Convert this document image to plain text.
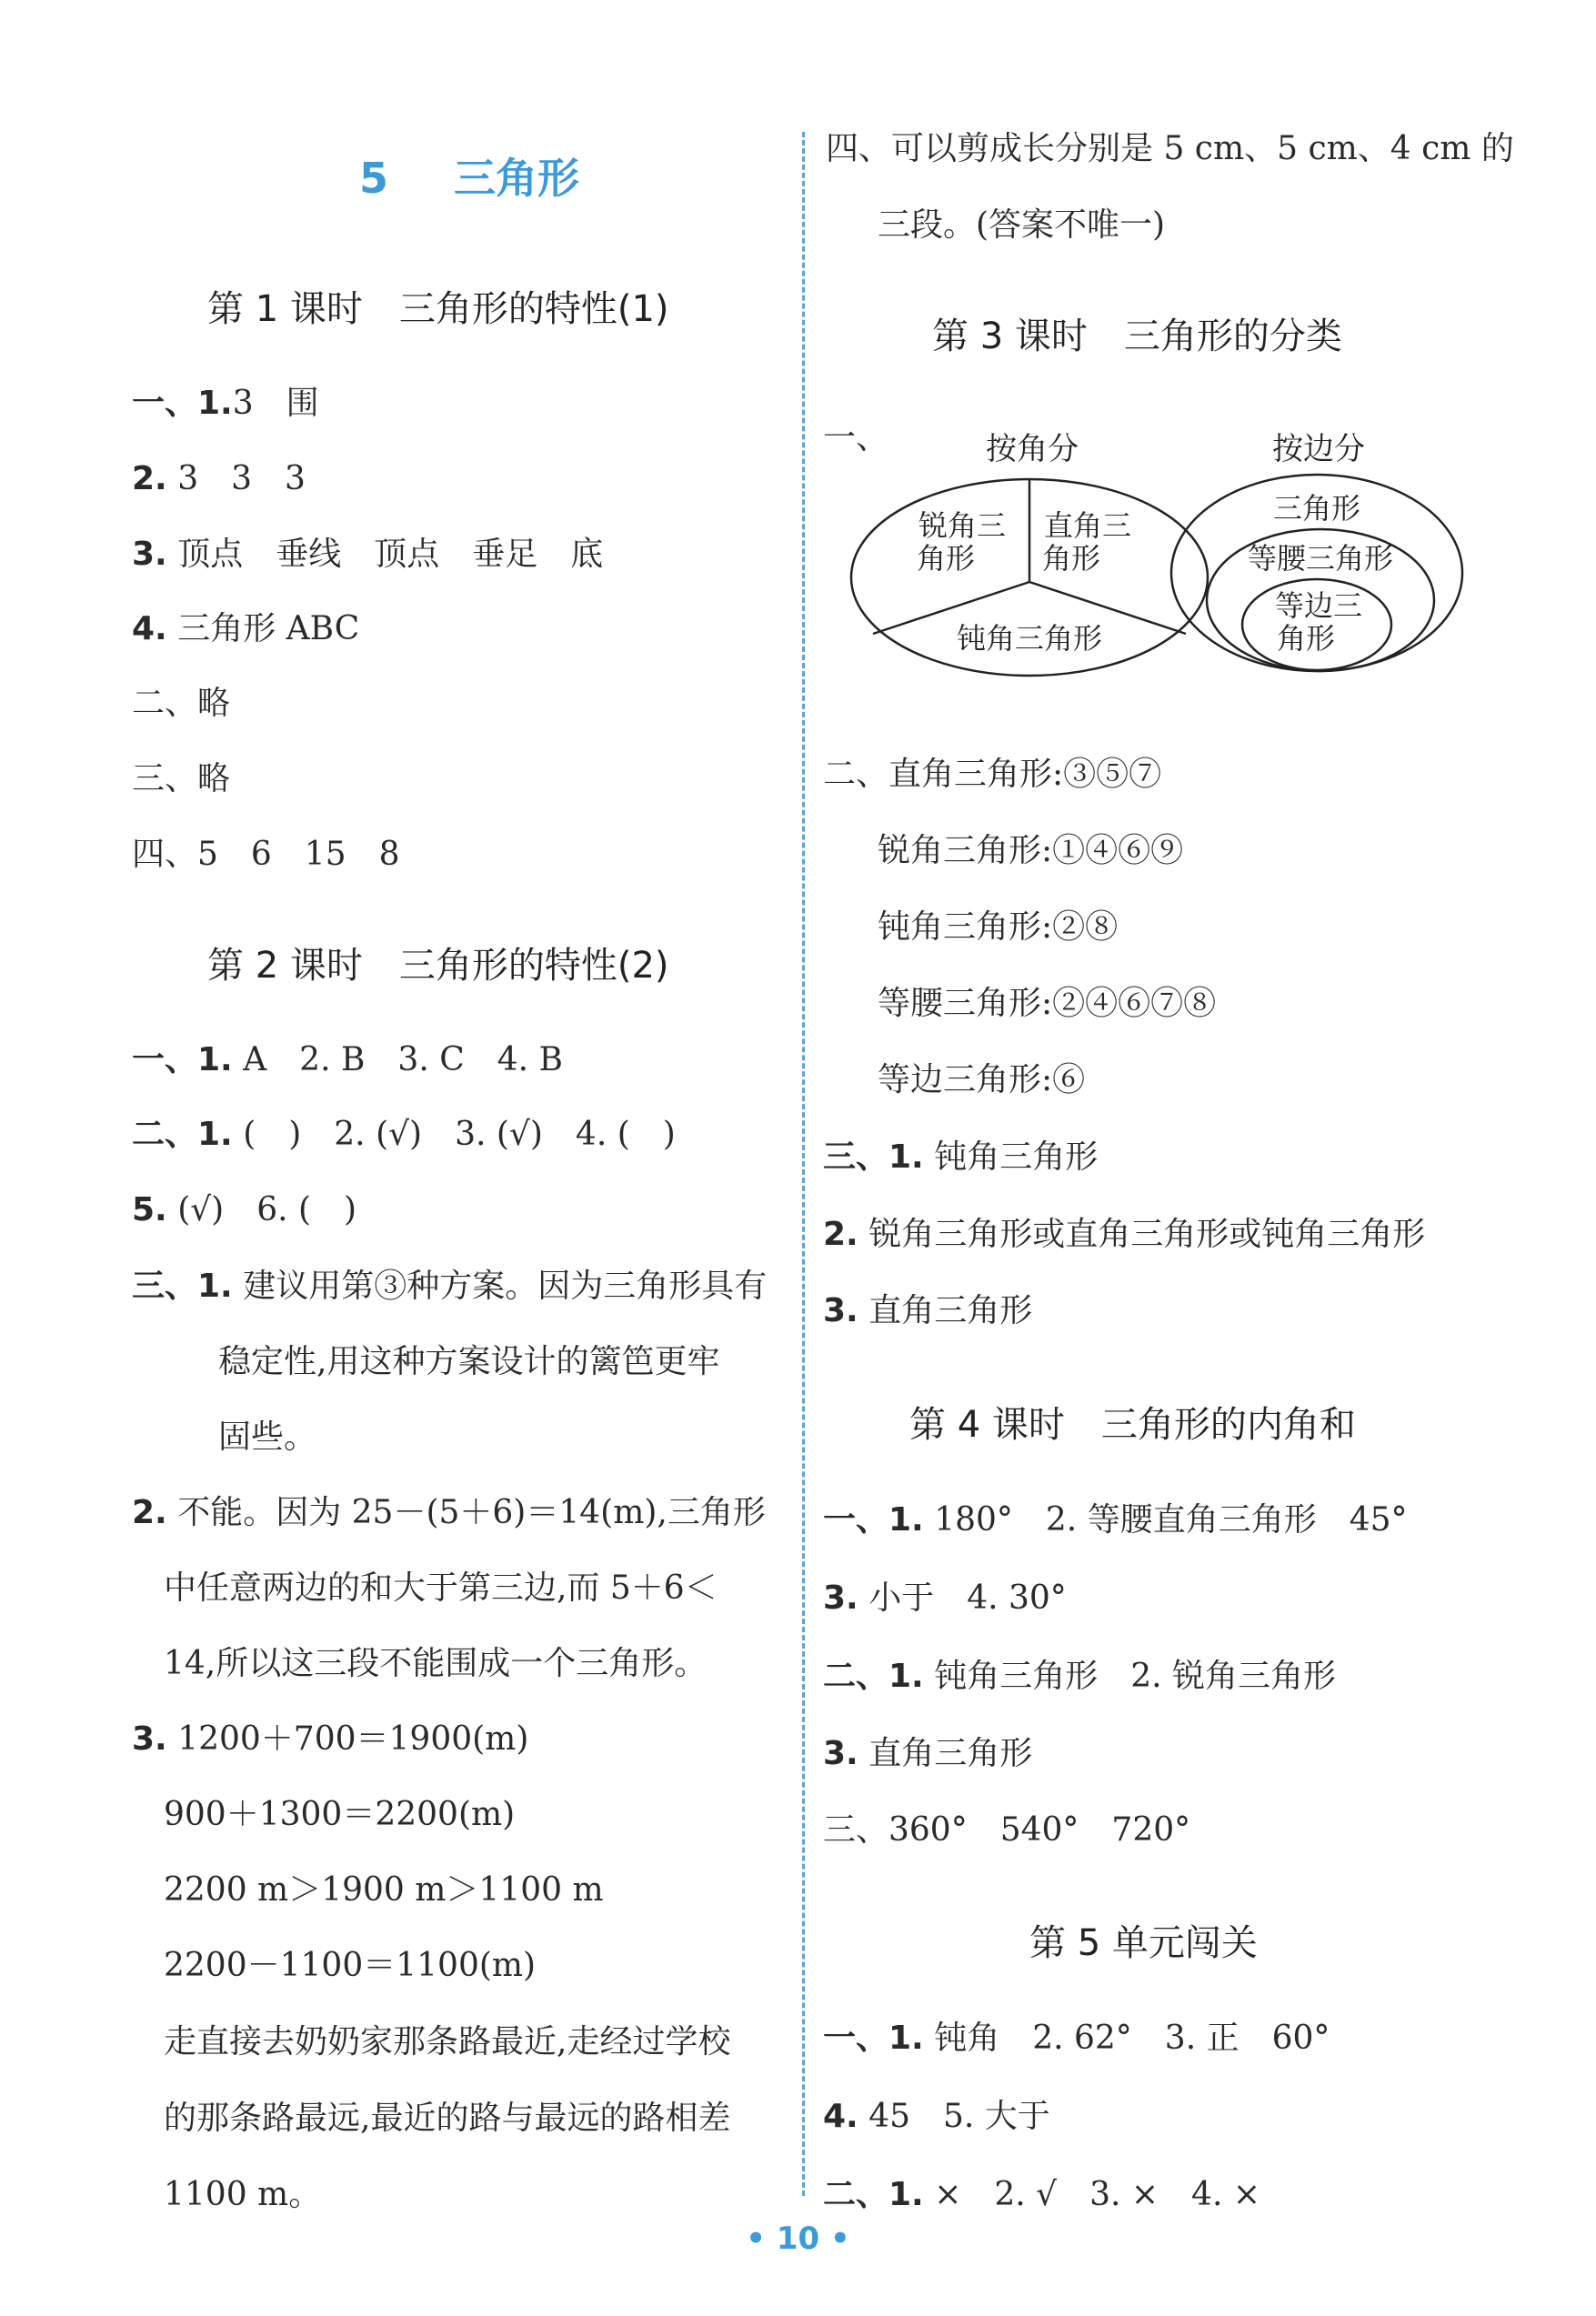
5 三角形
第 1 课时　三角形的特性(1)
一、1.3　围
2. 3　3　3
3. 顶点　垂线　顶点　垂足　底
4. 三角形 ABC
二、略
三、略
四、5　6　15　8
第 2 课时　三角形的特性(2)
一、1. A　2. B　3. C　4. B
二、1. (　)　2. (√)　3. (√)　4. (　)
5. (√)　6. (　)
三、1. 建议用第③种方案。因为三角形具有
稳定性,用这种方案设计的篱笆更牢
固些。
2. 不能。因为 25－(5＋6)＝14(m),三角形
中任意两边的和大于第三边,而 5＋6＜
14,所以这三段不能围成一个三角形。
3. 1200＋700＝1900(m)
900＋1300＝2200(m)
2200 m＞1900 m＞1100 m
2200－1100＝1100(m)
走直接去奶奶家那条路最近,走经过学校
的那条路最远,最近的路与最远的路相差
1100 m。
四、可以剪成长分别是 5 cm、5 cm、4 cm 的
三段。(答案不唯一)
第 3 课时　三角形的分类
一、	按角分
锐角三
角形
直角三
角形
钝角三角形
按边分
三角形
等腰三角形
等边三
角形
二、直角三角形:③⑤⑦
锐角三角形:①④⑥⑨
钝角三角形:②⑧
等腰三角形:②④⑥⑦⑧
等边三角形:⑥
三、1. 钝角三角形
2. 锐角三角形或直角三角形或钝角三角形
3. 直角三角形
第 4 课时　三角形的内角和
一、1. 180°　2. 等腰直角三角形　45°
3. 小于　4. 30°
二、1. 钝角三角形　2. 锐角三角形
3. 直角三角形
三、360°　540°　720°
第 5 单元闯关
一、1. 钝角　2. 62°　3. 正　60°
4. 45　5. 大于
二、1. ×　2. √　3. ×　4. ×
• 10 •
